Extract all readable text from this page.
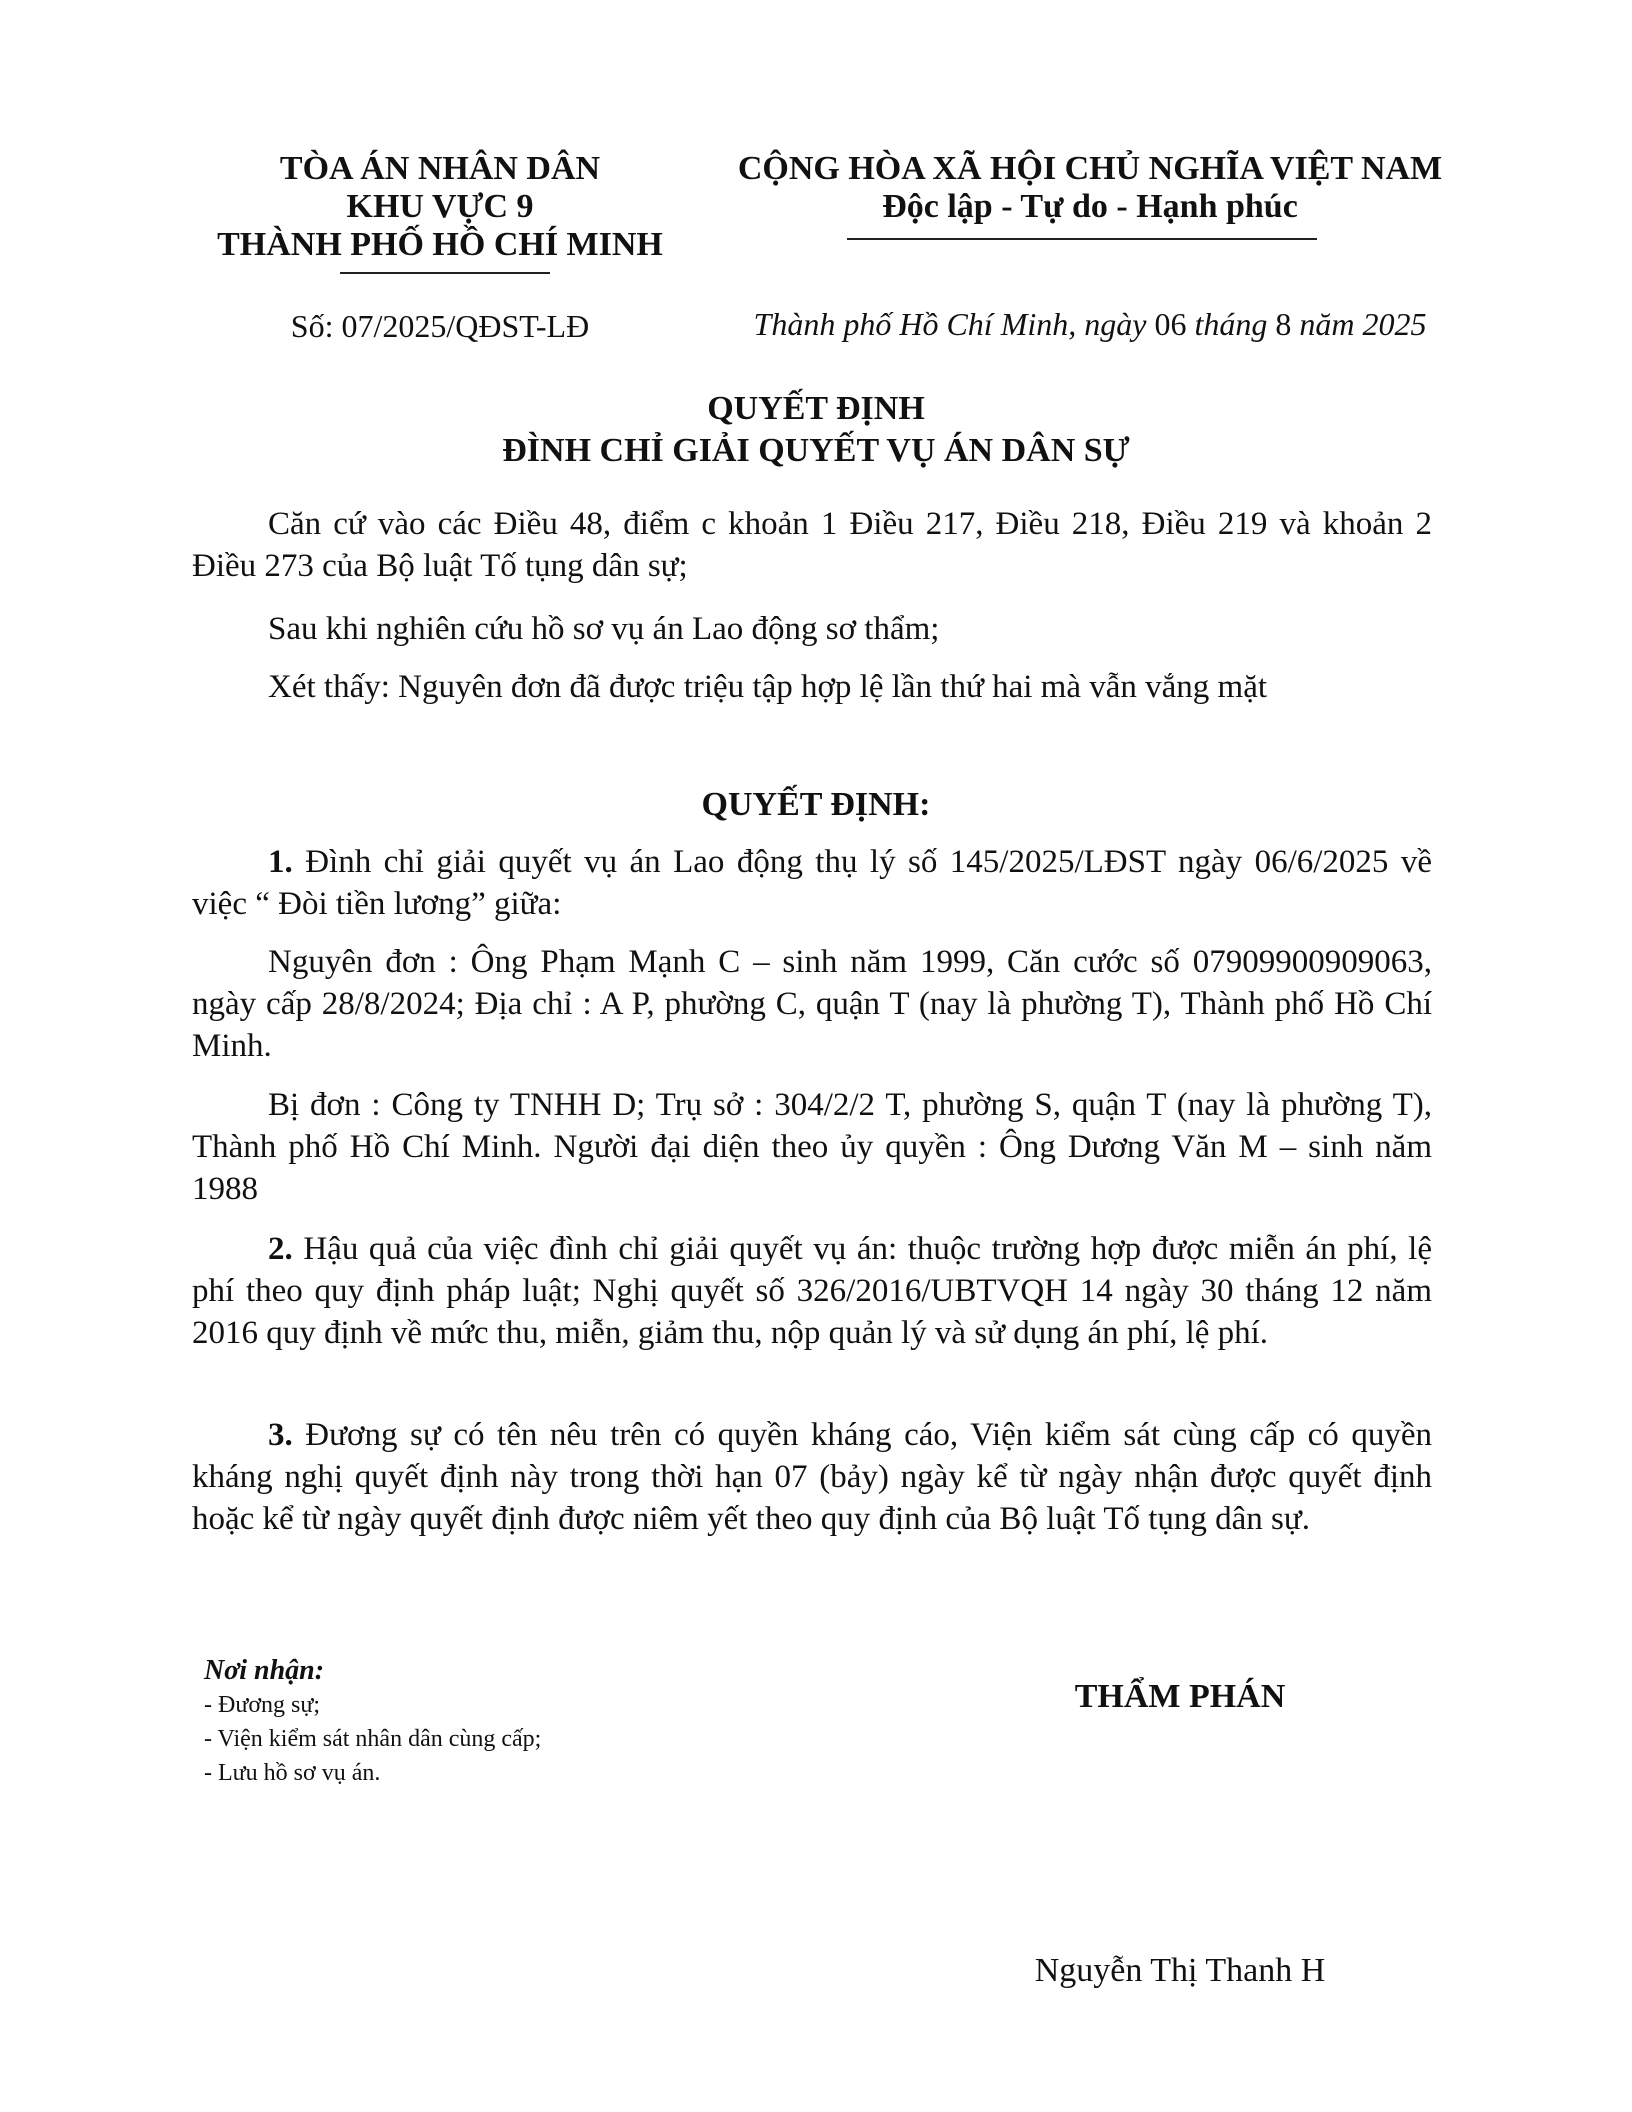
TÒA ÁN NHÂN DÂN
KHU VỰC 9
THÀNH PHỐ HỒ CHÍ MINH
CỘNG HÒA XÃ HỘI CHỦ NGHĨA VIỆT NAM
Độc lập - Tự do - Hạnh phúc
Số: 07/2025/QĐST-LĐ	Thành phố Hồ Chí Minh, ngày 06 tháng 8 năm 2025
QUYẾT ĐỊNH
ĐÌNH CHỈ GIẢI QUYẾT VỤ ÁN DÂN SỰ
Căn cứ vào các Điều 48, điểm c khoản 1 Điều 217, Điều 218, Điều 219 và khoản 2 Điều 273 của Bộ luật Tố tụng dân sự;
Sau khi nghiên cứu hồ sơ vụ án Lao động sơ thẩm;
Xét thấy: Nguyên đơn đã được triệu tập hợp lệ lần thứ hai mà vẫn vắng mặt
QUYẾT ĐỊNH:
1. Đình chỉ giải quyết vụ án Lao động thụ lý số 145/2025/LĐST ngày 06/6/2025 về việc “ Đòi tiền lương” giữa:
Nguyên đơn : Ông Phạm Mạnh C – sinh năm 1999, Căn cước số 07909900909063, ngày cấp 28/8/2024; Địa chỉ : A P, phường C, quận T (nay là phường T), Thành phố Hồ Chí Minh.
Bị đơn : Công ty TNHH D; Trụ sở : 304/2/2 T, phường S, quận T (nay là phường T), Thành phố Hồ Chí Minh. Người đại diện theo ủy quyền : Ông Dương Văn M – sinh năm 1988
2. Hậu quả của việc đình chỉ giải quyết vụ án: thuộc trường hợp được miễn án phí, lệ phí theo quy định pháp luật; Nghị quyết số 326/2016/UBTVQH 14 ngày 30 tháng 12 năm 2016 quy định về mức thu, miễn, giảm thu, nộp quản lý và sử dụng án phí, lệ phí.
3. Đương sự có tên nêu trên có quyền kháng cáo, Viện kiểm sát cùng cấp có quyền kháng nghị quyết định này trong thời hạn 07 (bảy) ngày kể từ ngày nhận được quyết định hoặc kể từ ngày quyết định được niêm yết theo quy định của Bộ luật Tố tụng dân sự.
Nơi nhận:
- Đương sự;
- Viện kiểm sát nhân dân cùng cấp;
- Lưu hồ sơ vụ án.
THẨM PHÁN
Nguyễn Thị Thanh H
